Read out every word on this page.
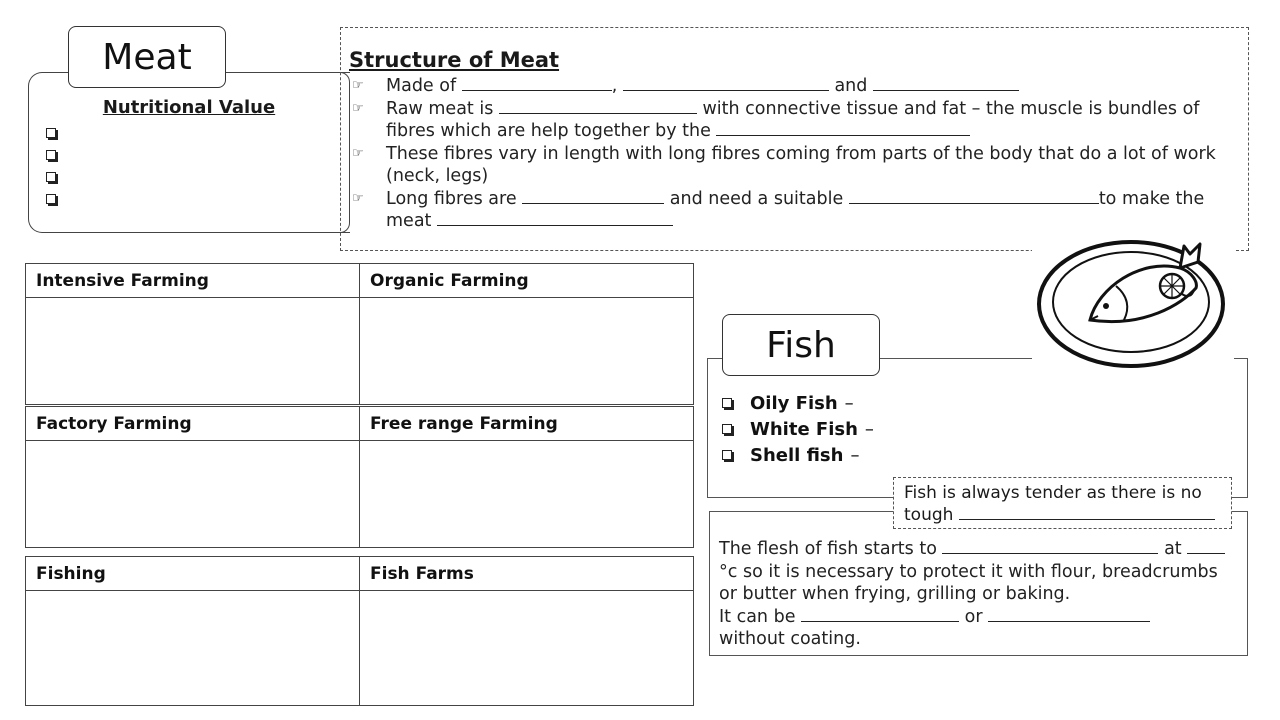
Meat
Nutritional Value
Structure of Meat
☞ Made of	,	and
☞ Raw meat is	with connective tissue and fat – the muscle is bundles of fibres which are help together by the
☞ These fibres vary in length with long fibres coming from parts of the body that do a lot of work (neck, legs)
☞ Long fibres are	and need a suitable	to make the meat
Intensive Farming	Organic Farming

Factory Farming	Free range Farming

Fishing	Fish Farms

Fish
Oily Fish –
White Fish –
Shell fish –
The flesh of fish starts to	at °c so it is necessary to protect it with flour, breadcrumbs or butter when frying, grilling or baking.
It can be	or
without coating.
Fish is always tender as there is no tough
